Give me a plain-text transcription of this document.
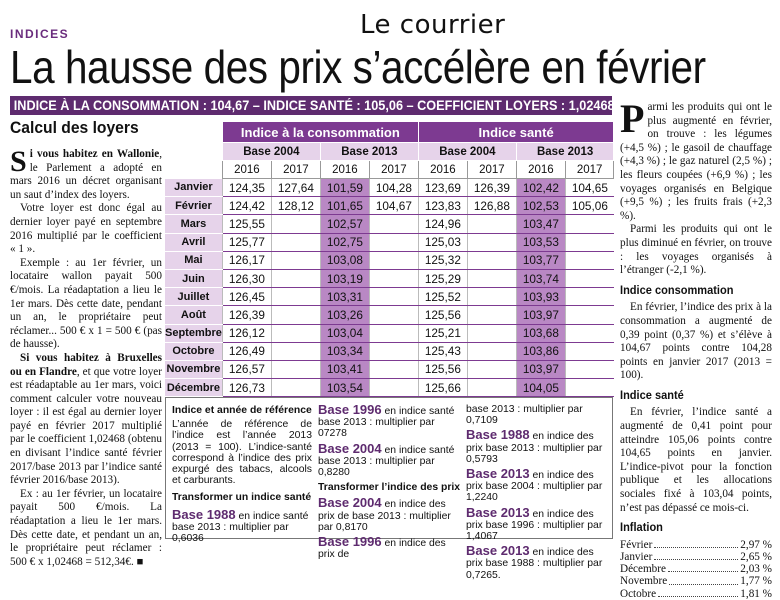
Le courrier
INDICES
La hausse des prix s’accélère en février
INDICE À LA CONSOMMATION : 104,67 – INDICE SANTÉ : 105,06 – COEFFICIENT LOYERS : 1,02468
Calcul des loyers

Si vous habitez en Wallonie, le Parlement a adopté en mars 2016 un décret organisant un saut d’index des loyers.

Votre loyer est donc égal au dernier loyer payé en septembre 2016 multiplié par le coefficient « 1 ».

Exemple : au 1er février, un locataire wallon payait 500 €/mois. La réadaptation a lieu le 1er mars. Dès cette date, pendant un an, le propriétaire peut réclamer... 500 € x 1 = 500 € (pas de hausse).

Si vous habitez à Bruxelles ou en Flandre, et que votre loyer est réadaptable au 1er mars, voici comment calculer votre nouveau loyer : il est égal au dernier loyer payé en février 2017 multiplié par le coefficient 1,02468 (obtenu en divisant l’indice santé février 2017/base 2013 par l’indice santé février 2016/base 2013).

Ex : au 1er février, un locataire payait 500 €/mois. La réadaptation a lieu le 1er mars. Dès cette date, et pendant un an, le propriétaire peut réclamer : 500 € x 1,02468 = 512,34€. ■

	Indice à la consommation				Indice santé			
	Base 2004		Base 2013		Base 2004		Base 2013	
	2016	2017	2016	2017	2016	2017	2016	2017
Janvier	124,35	127,64	101,59	104,28	123,69	126,39	102,42	104,65
Février	124,42	128,12	101,65	104,67	123,83	126,88	102,53	105,06
Mars	125,55		102,57		124,96		103,47	
Avril	125,77		102,75		125,03		103,53	
Mai	126,17		103,08		125,32		103,77	
Juin	126,30		103,19		125,29		103,74	
Juillet	126,45		103,31		125,52		103,93	
Août	126,39		103,26		125,56		103,97	
Septembre	126,12		103,04		125,21		103,68	
Octobre	126,49		103,34		125,43		103,86	
Novembre	126,57		103,41		125,56		103,97	
Décembre	126,73		103,54		125,66		104,05	

Indice et année de référence

L’année de référence de l’indice est l’année 2013 (2013 = 100). L’indice-santé correspond à l’indice des prix expurgé des tabacs, alcools et carburants.

Transformer un indice santé

Base 1988 en indice santé base 2013 : multiplier par 0,6036

Base 1996 en indice santé base 2013 : multiplier par 07278

Base 2004 en indice santé base 2013 : multiplier par 0,8280

Transformer l’indice des prix

Base 2004 en indice des prix de base 2013 : multiplier par 0,8170

Base 1996 en indice des prix de

base 2013 : multiplier par 0,7109

Base 1988 en indice des prix base 2013 : multiplier par 0,5793

Base 2013 en indice des prix base 2004 : multiplier par 1,2240

Base 2013 en indice des prix base 1996 : multiplier par 1,4067

Base 2013 en indice des prix base 1988 : multiplier par 0,7265.

Parmi les produits qui ont le plus augmenté en février, on trouve : les légumes (+4,5 %) ; le gasoil de chauffage (+4,3 %) ; le gaz naturel (2,5 %) ; les fleurs coupées (+6,9 %) ; les voyages organisés en Belgique (+9,5 %) ; les fruits frais (+2,3 %).

Parmi les produits qui ont le plus diminué en février, on trouve : les voyages organisés à l’étranger (-2,1 %).

Indice consommation

En février, l’indice des prix à la consommation a augmenté de 0,39 point (0,37 %) et s’élève à 104,67 points contre 104,28 points en janvier 2017 (2013 = 100).

Indice santé

En février, l’indice santé a augmenté de 0,41 point pour atteindre 105,06 points contre 104,65 points en janvier. L’indice-pivot pour la fonction publique et les allocations sociales fixé à 103,04 points, n’est pas dépassé ce mois-ci.

Inflation

Février	2,97 %
Janvier	2,65 %
Décembre	2,03 %
Novembre	1,77 %
Octobre	1,81 %
